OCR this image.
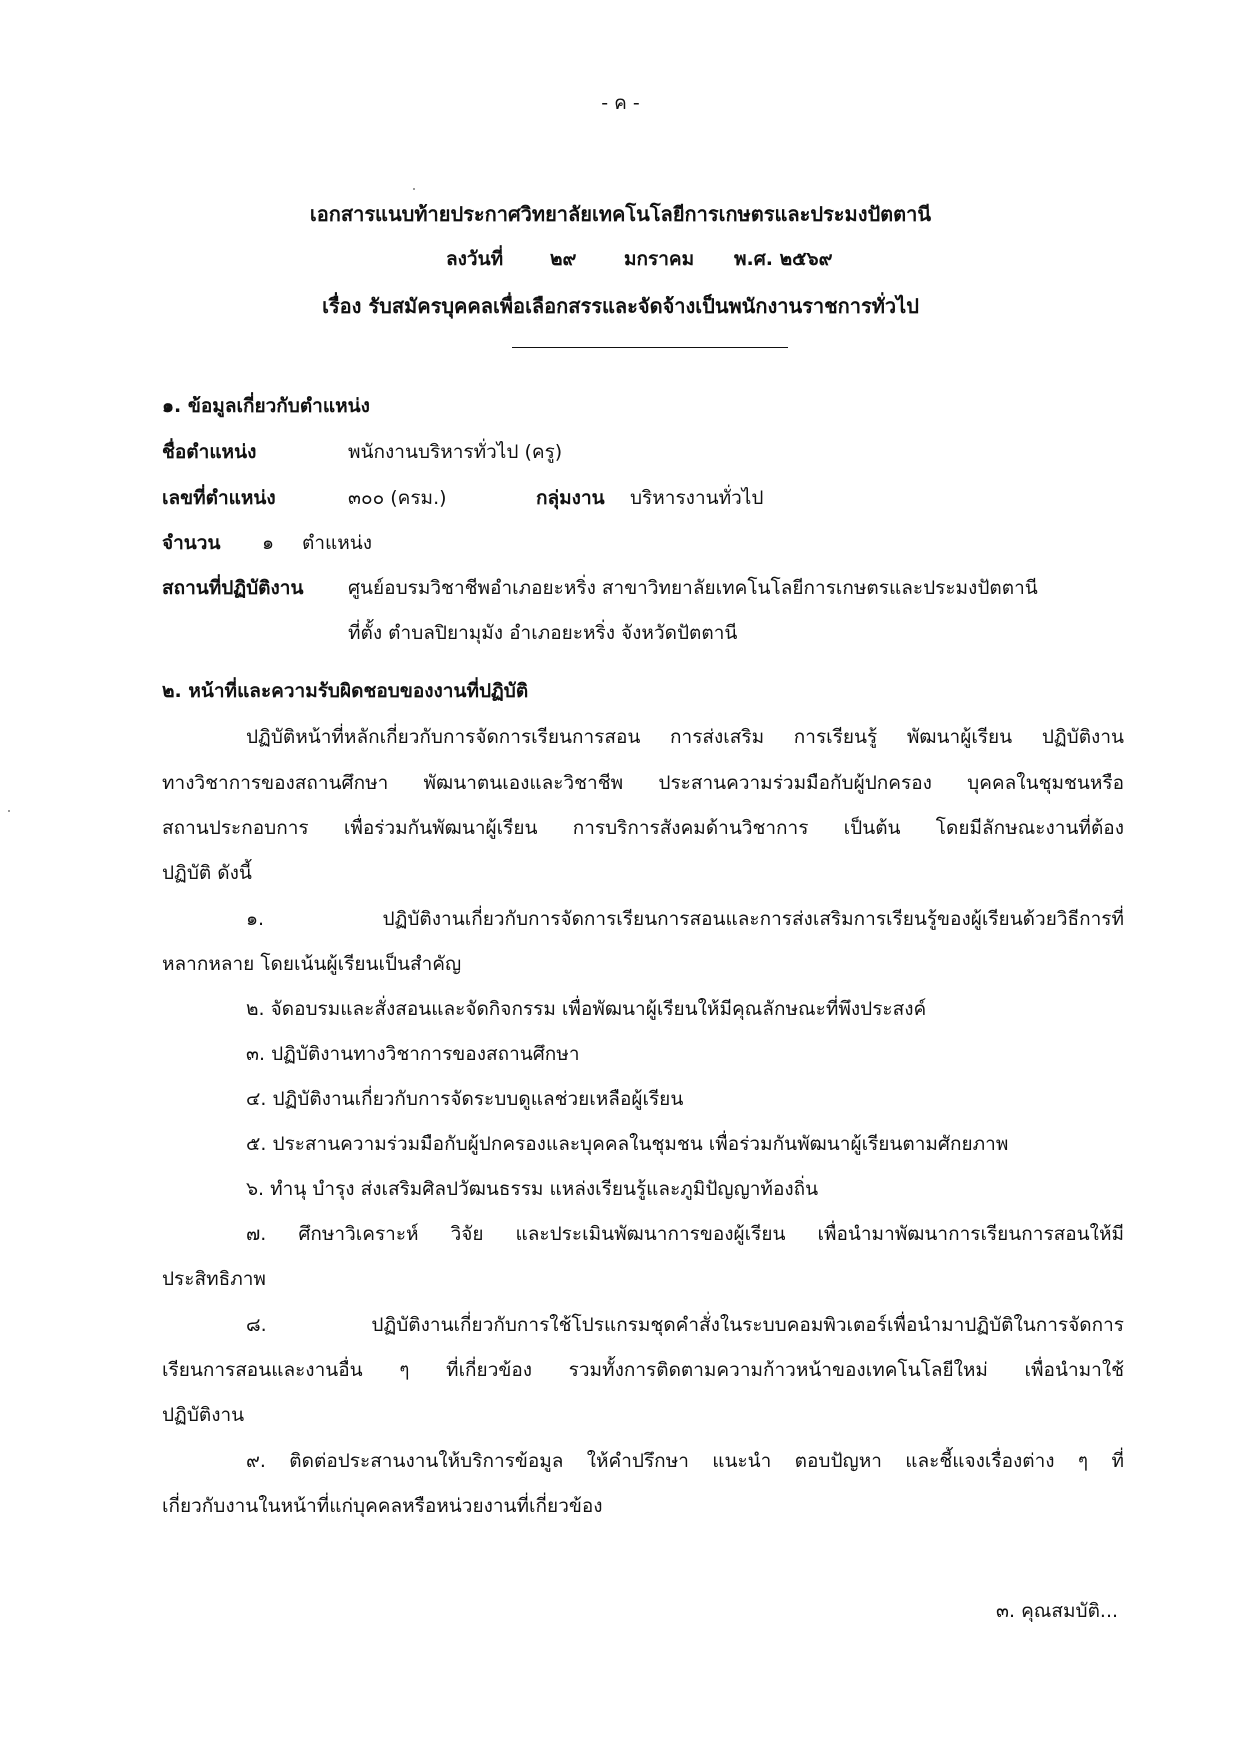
- ค -
เอกสารแนบท้ายประกาศวิทยาลัยเทคโนโลยีการเกษตรและประมงปัตตานี
ลงวันที่ ๒๙	มกราคม พ.ศ. ๒๕๖๙
เรื่อง รับสมัครบุคคลเพื่อเลือกสรรและจัดจ้างเป็นพนักงานราชการทั่วไป
๑. ข้อมูลเกี่ยวกับตำแหน่ง
ชื่อตำแหน่ง	พนักงานบริหารทั่วไป (ครู)
เลขที่ตำแหน่ง	๓๐๐ (ครม.)	กลุ่มงาน บริหารงานทั่วไป
จำนวน ๑ ตำแหน่ง
สถานที่ปฏิบัติงาน ศูนย์อบรมวิชาชีพอำเภอยะหริ่ง สาขาวิทยาลัยเทคโนโลยีการเกษตรและประมงปัตตานี
ที่ตั้ง ตำบลปิยามุมัง อำเภอยะหริ่ง จังหวัดปัตตานี
๒. หน้าที่และความรับผิดชอบของงานที่ปฏิบัติ
ปฏิบัติหน้าที่หลักเกี่ยวกับการจัดการเรียนการสอน การส่งเสริม การเรียนรู้ พัฒนาผู้เรียน ปฏิบัติงาน
ทางวิชาการของสถานศึกษา พัฒนาตนเองและวิชาชีพ ประสานความร่วมมือกับผู้ปกครอง บุคคลในชุมชนหรือ
สถานประกอบการ เพื่อร่วมกันพัฒนาผู้เรียน การบริการสังคมด้านวิชาการ เป็นต้น โดยมีลักษณะงานที่ต้อง
ปฏิบัติ ดังนี้
๑. ปฏิบัติงานเกี่ยวกับการจัดการเรียนการสอนและการส่งเสริมการเรียนรู้ของผู้เรียนด้วยวิธีการที่
หลากหลาย โดยเน้นผู้เรียนเป็นสำคัญ
๒. จัดอบรมและสั่งสอนและจัดกิจกรรม เพื่อพัฒนาผู้เรียนให้มีคุณลักษณะที่พึงประสงค์
๓. ปฏิบัติงานทางวิชาการของสถานศึกษา
๔. ปฏิบัติงานเกี่ยวกับการจัดระบบดูแลช่วยเหลือผู้เรียน
๕. ประสานความร่วมมือกับผู้ปกครองและบุคคลในชุมชน เพื่อร่วมกันพัฒนาผู้เรียนตามศักยภาพ
๖. ทำนุ บำรุง ส่งเสริมศิลปวัฒนธรรม แหล่งเรียนรู้และภูมิปัญญาท้องถิ่น
๗. ศึกษาวิเคราะห์ วิจัย และประเมินพัฒนาการของผู้เรียน เพื่อนำมาพัฒนาการเรียนการสอนให้มี
ประสิทธิภาพ
๘. ปฏิบัติงานเกี่ยวกับการใช้โปรแกรมชุดคำสั่งในระบบคอมพิวเตอร์เพื่อนำมาปฏิบัติในการจัดการ
เรียนการสอนและงานอื่น ๆ ที่เกี่ยวข้อง รวมทั้งการติดตามความก้าวหน้าของเทคโนโลยีใหม่ เพื่อนำมาใช้
ปฏิบัติงาน
๙. ติดต่อประสานงานให้บริการข้อมูล ให้คำปรึกษา แนะนำ ตอบปัญหา และชี้แจงเรื่องต่าง ๆ ที่
เกี่ยวกับงานในหน้าที่แก่บุคคลหรือหน่วยงานที่เกี่ยวข้อง
๓. คุณสมบัติ...
